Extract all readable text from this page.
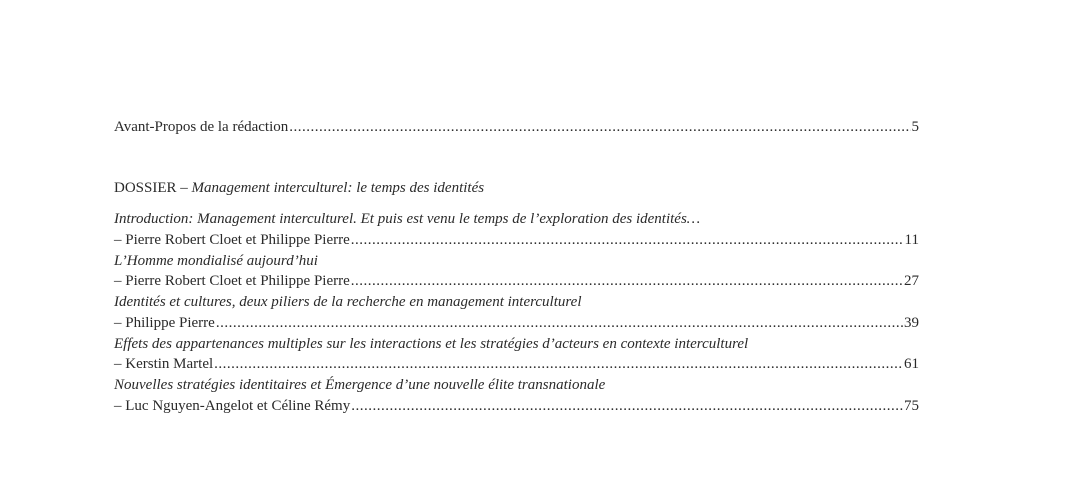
Avant-Propos de la rédaction .....	5
DOSSIER – Management interculturel: le temps des identités
Introduction: Management interculturel. Et puis est venu le temps de l’exploration des identités…
– Pierre Robert Cloet et Philippe Pierre .....	11
L’Homme mondialisé aujourd’hui
– Pierre Robert Cloet et Philippe Pierre .....	27
Identités et cultures, deux piliers de la recherche en management interculturel
– Philippe Pierre .....	39
Effets des appartenances multiples sur les interactions et les stratégies d’acteurs en contexte interculturel
– Kerstin Martel .....	61
Nouvelles stratégies identitaires et Émergence d’une nouvelle élite transnationale
– Luc Nguyen-Angelot et Céline Rémy .....	75
